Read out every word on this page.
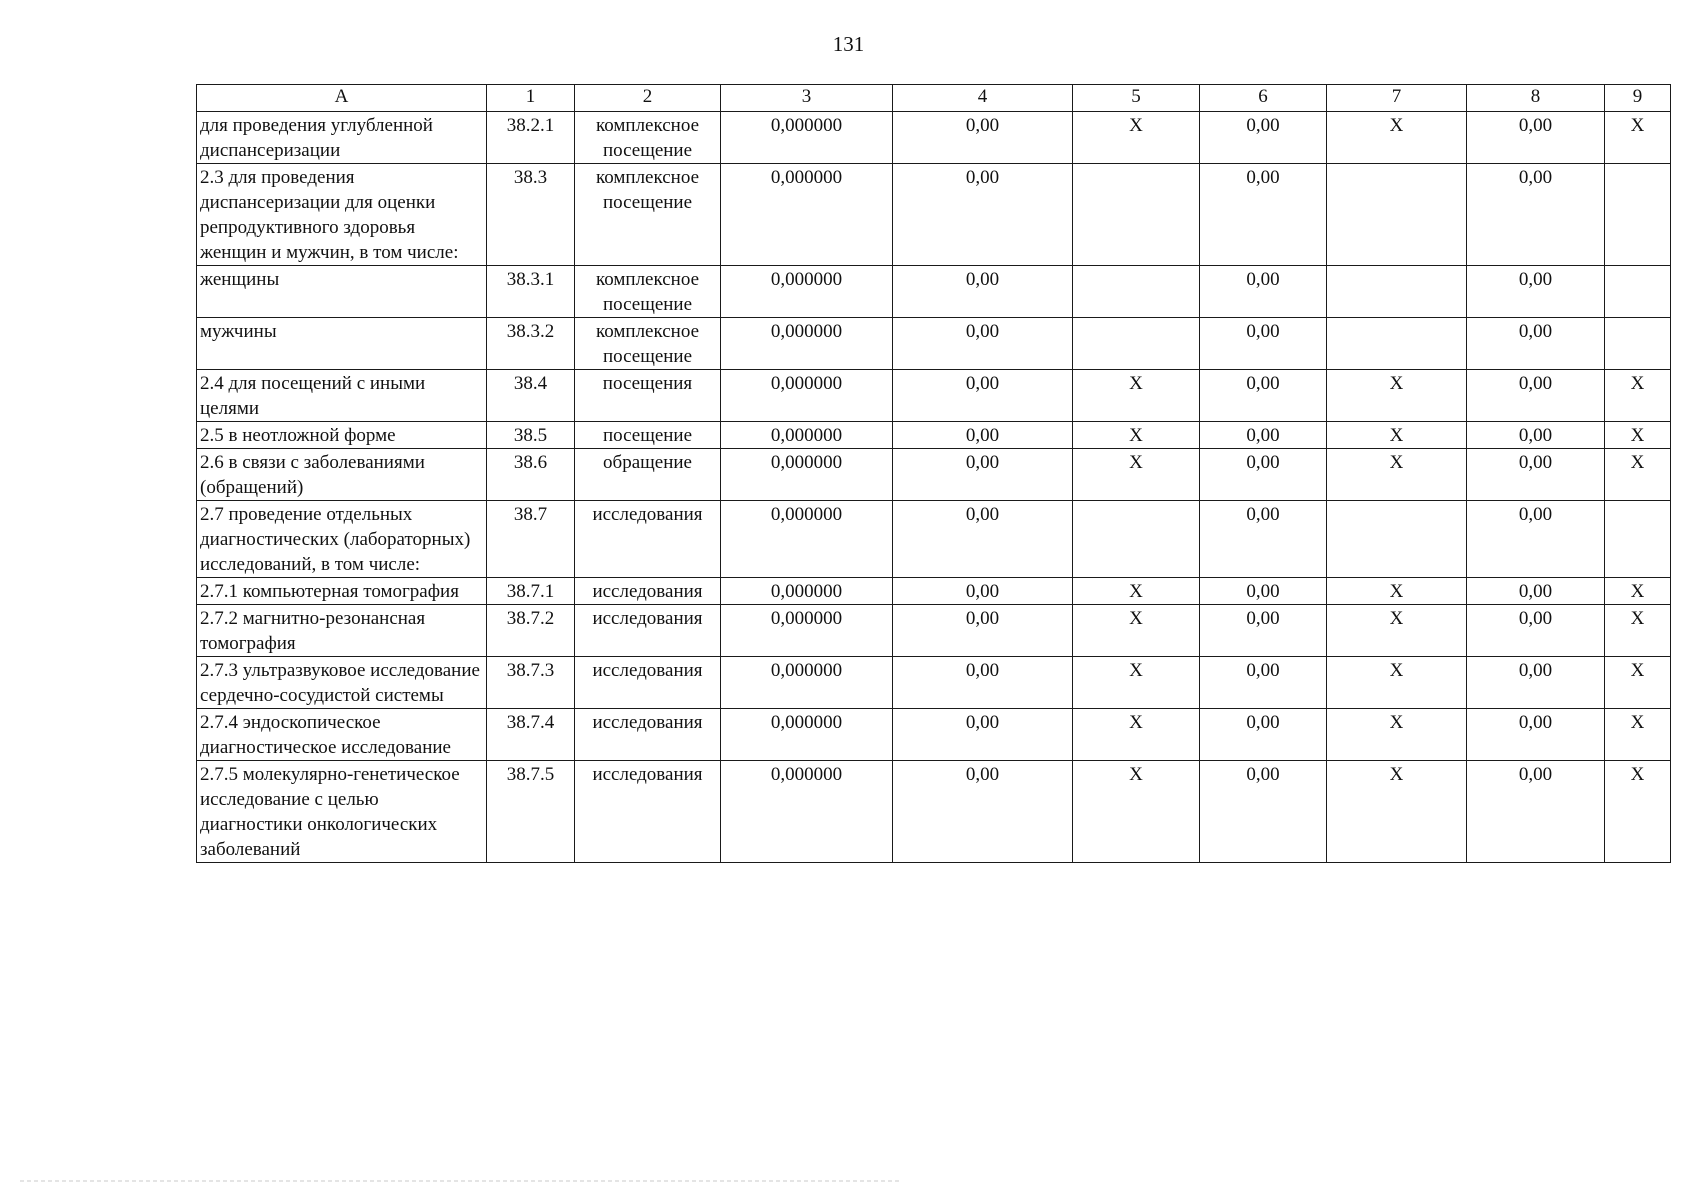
131
А	1	2	3	4	5	6	7	8	9
для проведения углубленной диспансеризации	38.2.1	комплексное посещение	0,000000	0,00	Х	0,00	Х	0,00	Х
2.3 для проведения диспансеризации для оценки репродуктивного здоровья женщин и мужчин, в том числе:	38.3	комплексное посещение	0,000000	0,00		0,00		0,00	
женщины	38.3.1	комплексное посещение	0,000000	0,00		0,00		0,00	
мужчины	38.3.2	комплексное посещение	0,000000	0,00		0,00		0,00	
2.4 для посещений с иными целями	38.4	посещения	0,000000	0,00	Х	0,00	Х	0,00	Х
2.5 в неотложной форме	38.5	посещение	0,000000	0,00	Х	0,00	Х	0,00	Х
2.6 в связи с заболеваниями (обращений)	38.6	обращение	0,000000	0,00	Х	0,00	Х	0,00	Х
2.7 проведение отдельных диагностических (лабораторных) исследований, в том числе:	38.7	исследования	0,000000	0,00		0,00		0,00	
2.7.1 компьютерная томография	38.7.1	исследования	0,000000	0,00	Х	0,00	Х	0,00	Х
2.7.2 магнитно-резонансная томография	38.7.2	исследования	0,000000	0,00	Х	0,00	Х	0,00	Х
2.7.3 ультразвуковое исследование сердечно-сосудистой системы	38.7.3	исследования	0,000000	0,00	Х	0,00	Х	0,00	Х
2.7.4 эндоскопическое диагностическое исследование	38.7.4	исследования	0,000000	0,00	Х	0,00	Х	0,00	Х
2.7.5 молекулярно-генетическое исследование с целью диагностики онкологических заболеваний	38.7.5	исследования	0,000000	0,00	Х	0,00	Х	0,00	Х
